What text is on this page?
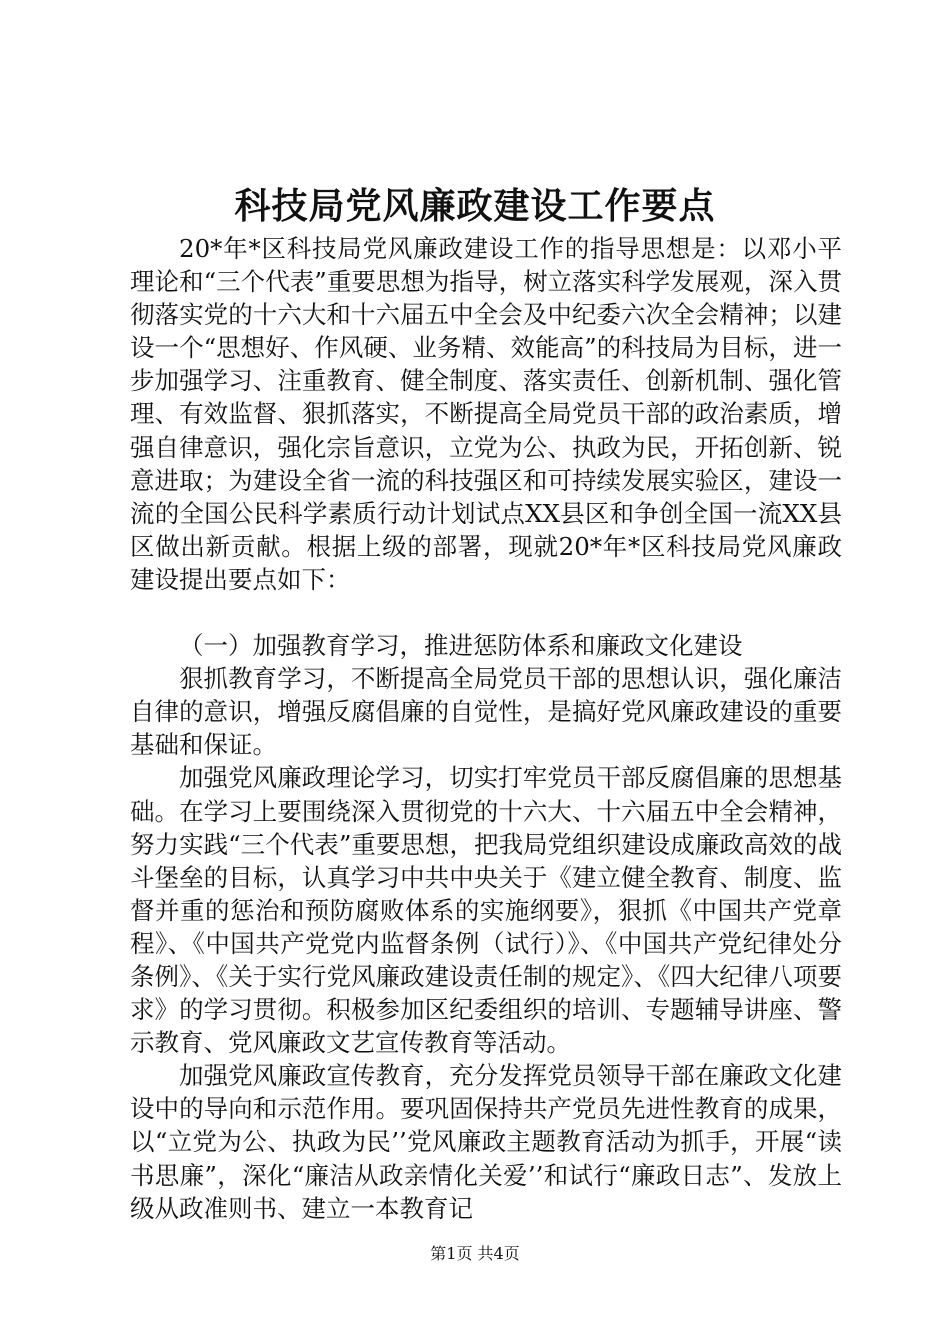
科技局党风廉政建设工作要点

20*年*区科技局党风廉政建设工作的指导思想是：以邓小平理论和“三个代表”重要思想为指导，树立落实科学发展观，深入贯彻落实党的十六大和十六届五中全会及中纪委六次全会精神；以建设一个“思想好、作风硬、业务精、效能高”的科技局为目标，进一步加强学习、注重教育、健全制度、落实责任、创新机制、强化管理、有效监督、狠抓落实，不断提高全局党员干部的政治素质，增强自律意识，强化宗旨意识，立党为公、执政为民，开拓创新、锐意进取；为建设全省一流的科技强区和可持续发展实验区，建设一流的全国公民科学素质行动计划试点XX县区和争创全国一流XX县区做出新贡献。根据上级的部署，现就20*年*区科技局党风廉政建设提出要点如下：

（一）加强教育学习，推进惩防体系和廉政文化建设

狠抓教育学习，不断提高全局党员干部的思想认识，强化廉洁自律的意识，增强反腐倡廉的自觉性，是搞好党风廉政建设的重要基础和保证。

加强党风廉政理论学习，切实打牢党员干部反腐倡廉的思想基础。在学习上要围绕深入贯彻党的十六大、十六届五中全会精神，努力实践“三个代表”重要思想，把我局党组织建设成廉政高效的战斗堡垒的目标，认真学习中共中央关于《建立健全教育、制度、监督并重的惩治和预防腐败体系的实施纲要》，狠抓《中国共产党章程》、《中国共产党党内监督条例（试行）》、《中国共产党纪律处分条例》、《关于实行党风廉政建设责任制的规定》、《四大纪律八项要求》的学习贯彻。积极参加区纪委组织的培训、专题辅导讲座、警示教育、党风廉政文艺宣传教育等活动。

加强党风廉政宣传教育，充分发挥党员领导干部在廉政文化建设中的导向和示范作用。要巩固保持共产党员先进性教育的成果，以“立党为公、执政为民’’党风廉政主题教育活动为抓手，开展“读书思廉”，深化“廉洁从政亲情化关爱’’和试行“廉政日志”、发放上级从政准则书、建立一本教育记

第1页 共4页
